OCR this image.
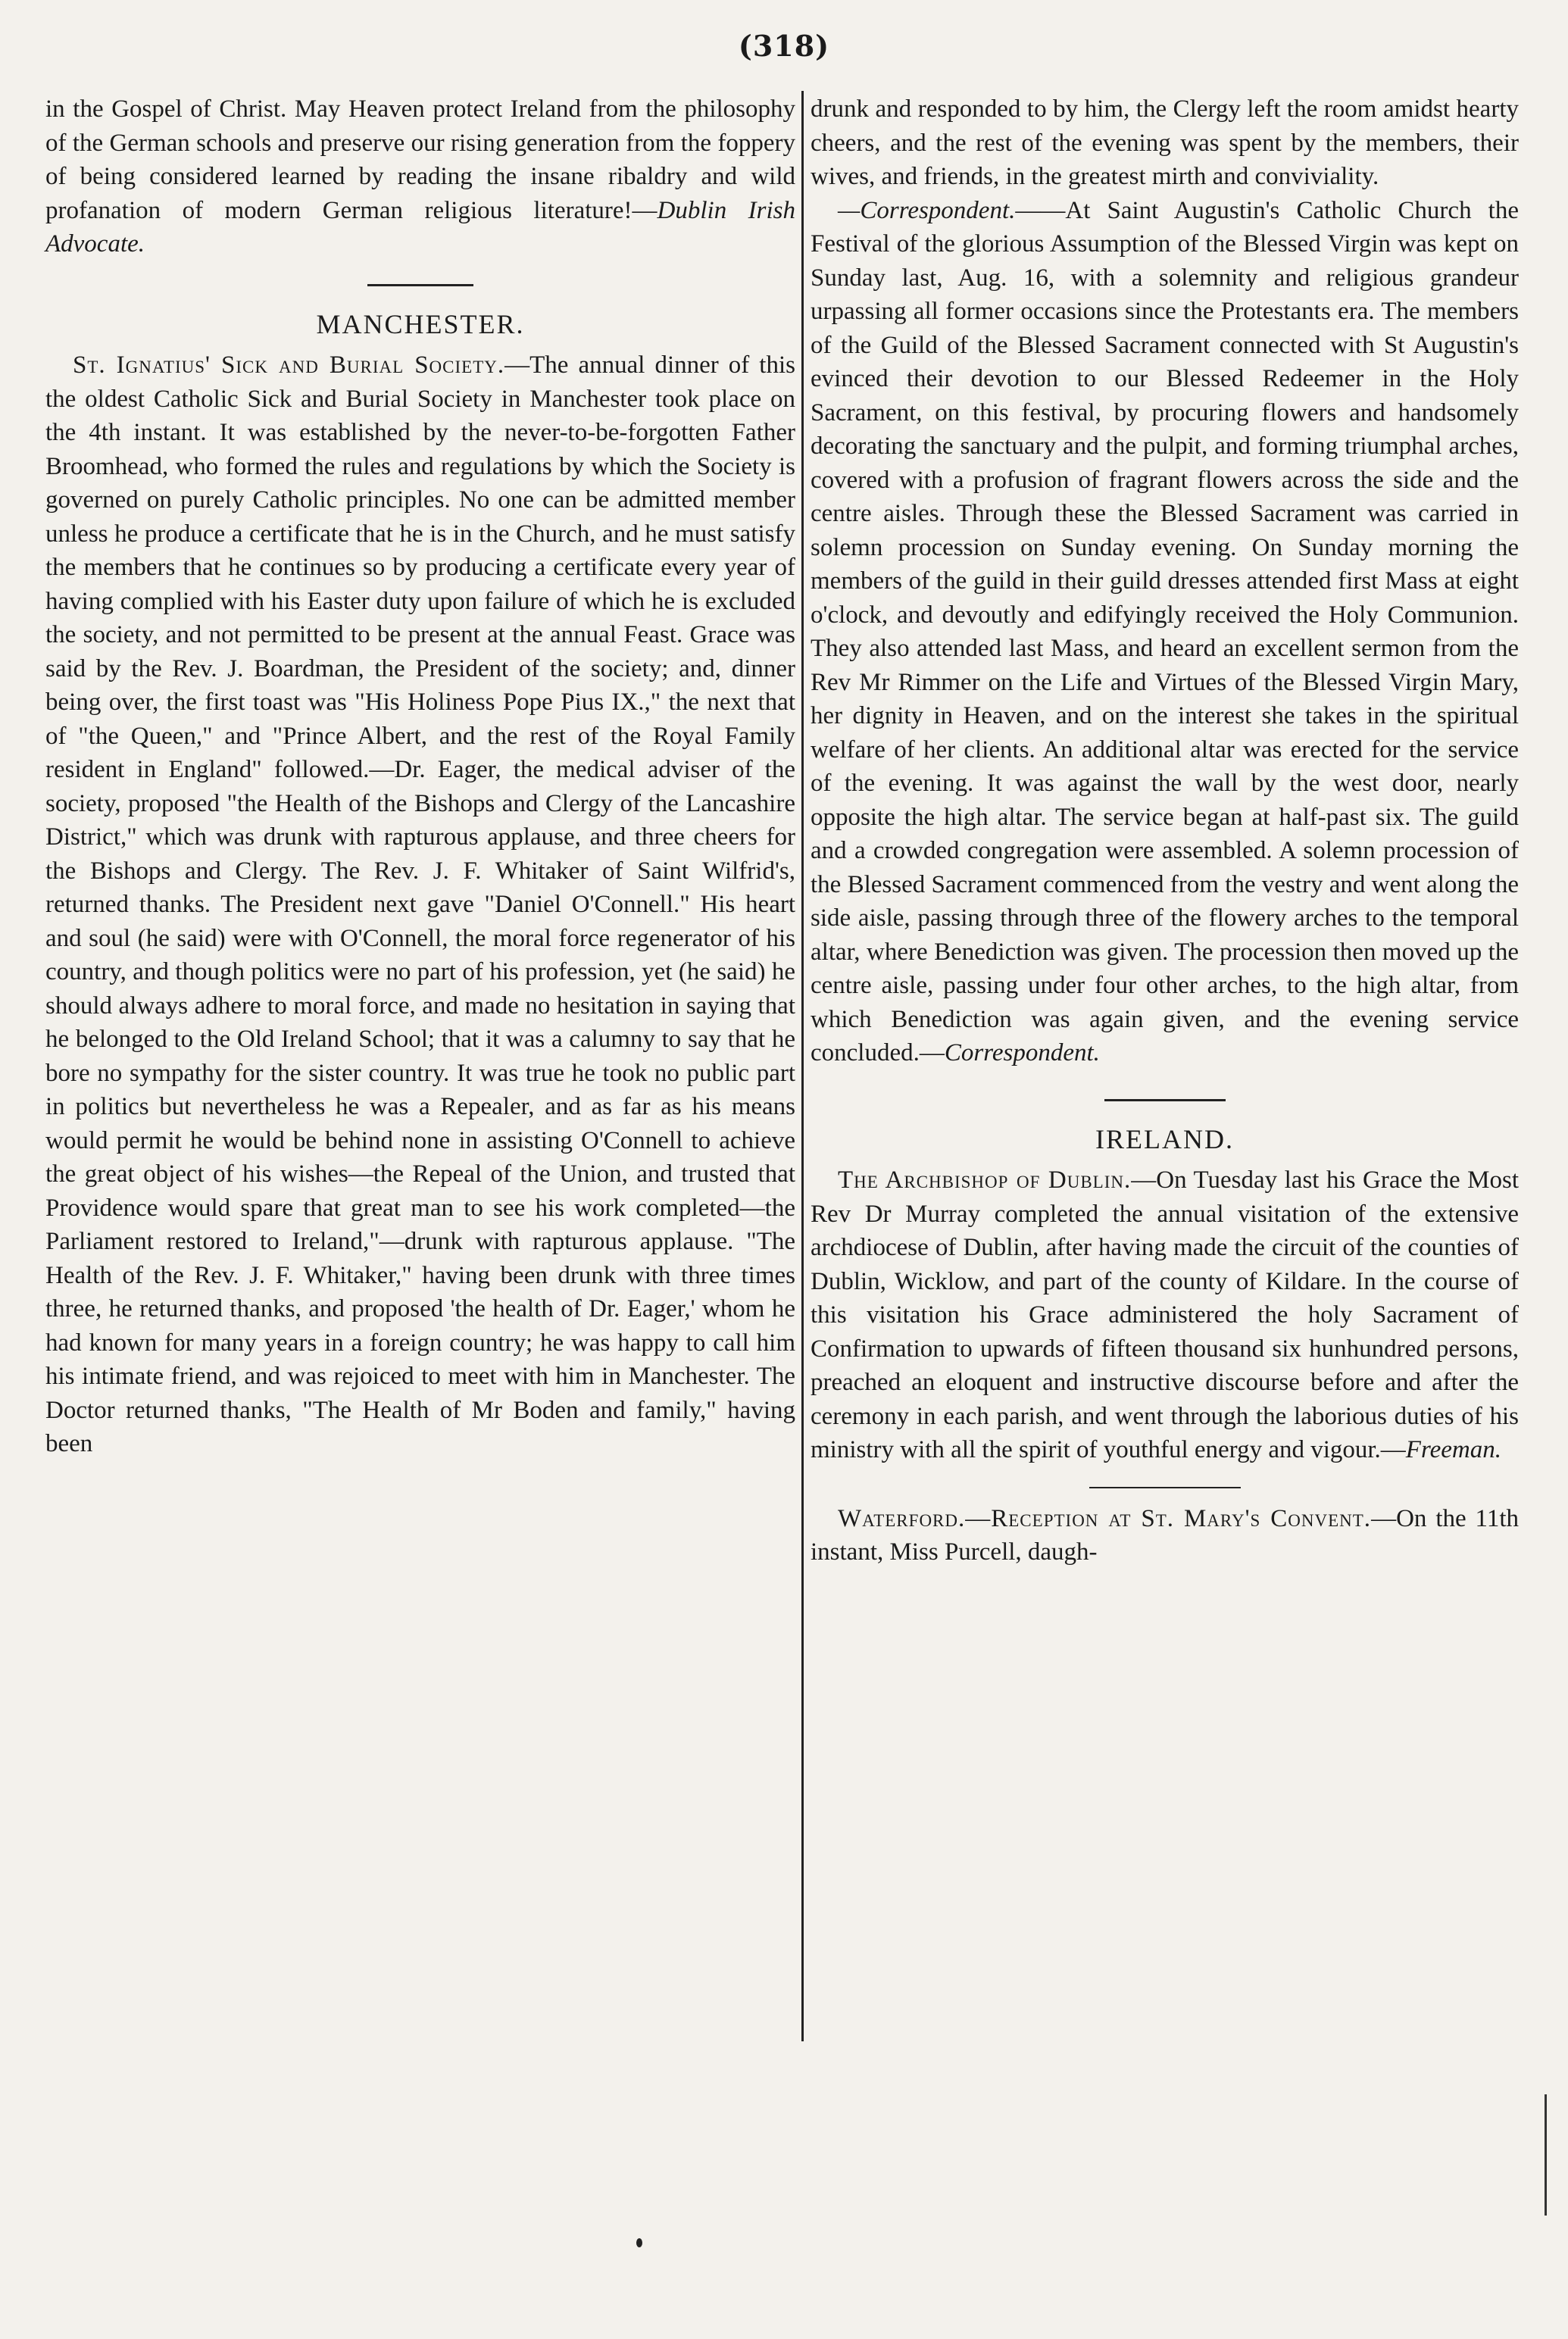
(318)

in the Gospel of Christ. May Heaven protect Ireland from the philosophy of the German schools and preserve our rising generation from the foppery of being considered learned by reading the insane ribaldry and wild profanation of modern German religious literature!—Dublin Irish Advocate.

MANCHESTER.

St. Ignatius' Sick and Burial Society.—The annual dinner of this the oldest Catholic Sick and Burial Society in Manchester took place on the 4th instant. It was established by the never-to-be-forgotten Father Broomhead, who formed the rules and regulations by which the Society is governed on purely Catholic principles. No one can be admitted member unless he produce a certificate that he is in the Church, and he must satisfy the members that he continues so by producing a certificate every year of having complied with his Easter duty upon failure of which he is excluded the society, and not permitted to be present at the annual Feast. Grace was said by the Rev. J. Boardman, the President of the society; and, dinner being over, the first toast was "His Holiness Pope Pius IX.," the next that of "the Queen," and "Prince Albert, and the rest of the Royal Family resident in England" followed.—Dr. Eager, the medical adviser of the society, proposed "the Health of the Bishops and Clergy of the Lancashire District," which was drunk with rapturous applause, and three cheers for the Bishops and Clergy. The Rev. J. F. Whitaker of Saint Wilfrid's, returned thanks. The President next gave "Daniel O'Connell." His heart and soul (he said) were with O'Connell, the moral force regenerator of his country, and though politics were no part of his profession, yet (he said) he should always adhere to moral force, and made no hesitation in saying that he belonged to the Old Ireland School; that it was a calumny to say that he bore no sympathy for the sister country. It was true he took no public part in politics but nevertheless he was a Repealer, and as far as his means would permit he would be behind none in assisting O'Connell to achieve the great object of his wishes—the Repeal of the Union, and trusted that Providence would spare that great man to see his work completed—the Parliament restored to Ireland,"—drunk with rapturous applause. "The Health of the Rev. J. F. Whitaker," having been drunk with three times three, he returned thanks, and proposed 'the health of Dr. Eager,' whom he had known for many years in a foreign country; he was happy to call him his intimate friend, and was rejoiced to meet with him in Manchester. The Doctor returned thanks, "The Health of Mr Boden and family," having been

drunk and responded to by him, the Clergy left the room amidst hearty cheers, and the rest of the evening was spent by the members, their wives, and friends, in the greatest mirth and conviviality.

—Correspondent.——At Saint Augustin's Catholic Church the Festival of the glorious Assumption of the Blessed Virgin was kept on Sunday last, Aug. 16, with a solemnity and religious grandeur urpassing all former occasions since the Protestants era. The members of the Guild of the Blessed Sacrament connected with St Augustin's evinced their devotion to our Blessed Redeemer in the Holy Sacrament, on this festival, by procuring flowers and handsomely decorating the sanctuary and the pulpit, and forming triumphal arches, covered with a profusion of fragrant flowers across the side and the centre aisles. Through these the Blessed Sacrament was carried in solemn procession on Sunday evening. On Sunday morning the members of the guild in their guild dresses attended first Mass at eight o'clock, and devoutly and edifyingly received the Holy Communion. They also attended last Mass, and heard an excellent sermon from the Rev Mr Rimmer on the Life and Virtues of the Blessed Virgin Mary, her dignity in Heaven, and on the interest she takes in the spiritual welfare of her clients. An additional altar was erected for the service of the evening. It was against the wall by the west door, nearly opposite the high altar. The service began at half-past six. The guild and a crowded congregation were assembled. A solemn procession of the Blessed Sacrament commenced from the vestry and went along the side aisle, passing through three of the flowery arches to the temporal altar, where Benediction was given. The procession then moved up the centre aisle, passing under four other arches, to the high altar, from which Benediction was again given, and the evening service concluded.—Correspondent.

IRELAND.

The Archbishop of Dublin.—On Tuesday last his Grace the Most Rev Dr Murray completed the annual visitation of the extensive archdiocese of Dublin, after having made the circuit of the counties of Dublin, Wicklow, and part of the county of Kildare. In the course of this visitation his Grace administered the holy Sacrament of Confirmation to upwards of fifteen thousand six hunhundred persons, preached an eloquent and instructive discourse before and after the ceremony in each parish, and went through the laborious duties of his ministry with all the spirit of youthful energy and vigour.—Freeman.

Waterford.—Reception at St. Mary's Convent.—On the 11th instant, Miss Purcell, daugh-
